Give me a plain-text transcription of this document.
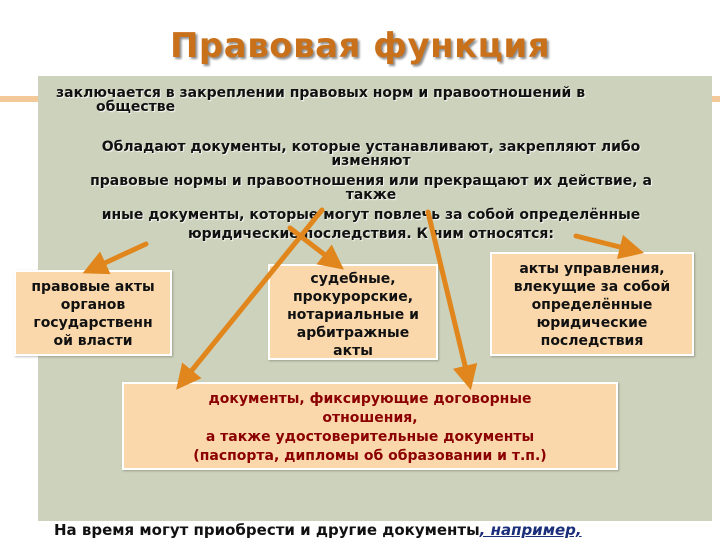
Правовая функция
заключается в закреплении правовых норм и правоотношений в
обществе
Обладают документы, которые устанавливают, закрепляют либо
изменяют
правовые нормы и правоотношения или прекращают их действие, а
также
иные документы, которые могут повлечь за собой определённые
юридические последствия. К ним относятся:
правовые акты
органов
государственн
ой власти
судебные,
прокурорские,
нотариальные и
арбитражные
акты
акты управления,
влекущие за собой
определённые
юридические
последствия
документы, фиксирующие договорные
отношения,
а также удостоверительные документы
(паспорта, дипломы об образовании и т.п.)
На время могут приобрести и другие документы, например,
